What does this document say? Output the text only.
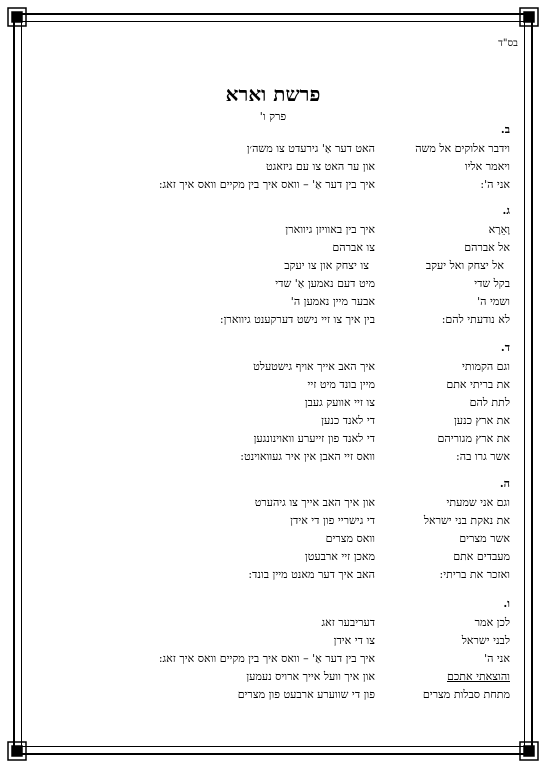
בס"ד
פרשת וארא
פרק ו'
ב.
וידבר אלוקים אל משה
האט דער אַ' גירעדט צו משה׳ן
ויאמר אליו
און ער האט צו עם גיזאגט
אני ה':
איך בין דער אַ' – וואס איך בין מקיים וואס איך זאג:
ג.
וָאֵרָא
איך בין באוויזן גיווארן
אל אברהם
צו אברהם
אל יצחק ואל יעקב
צו יצחק און צו יעקב
בקל שדי
מיט דעם נאמען אַ' שדי
ושמי ה'
אבער מיין נאמען ה'
לא נודעתי להם:
בין איך צו זיי נישט דערקענט גיווארן:
ד.
וגם הקמותי
איך האב אייך אויף גישטעלט
את בריתי אתם
מיין בונד מיט זיי
לתת להם
צו זיי אוועק געבן
את ארץ כנען
די לאנד כנען
את ארץ מגוריהם
די לאנד פון זייערע וואוינונגען
אשר גרו בה:
וואס זיי האבן אין איר געוואוינט:
ה.
וגם אני שמעתי
און איך האב אייך צו גיהערט
את נאקת בני ישראל
די גישריי פון די אידן
אשר מצרים
וואס מצרים
מעבדים אתם
מאכן זיי ארבעטן
ואזכר את בריתי:
האב איך דער מאנט מיין בונד:
ו.
לכן אמר
דעריבער זאג
לבני ישראל
צו די אידן
אני ה'
איך בין דער אַ' – וואס איך בין מקיים וואס איך זאג:
והוצאתי אתכם
און איך וועל אייך ארויס נעמען
מתחת סבלות מצרים
פון די שווערע ארבעט פון מצרים
